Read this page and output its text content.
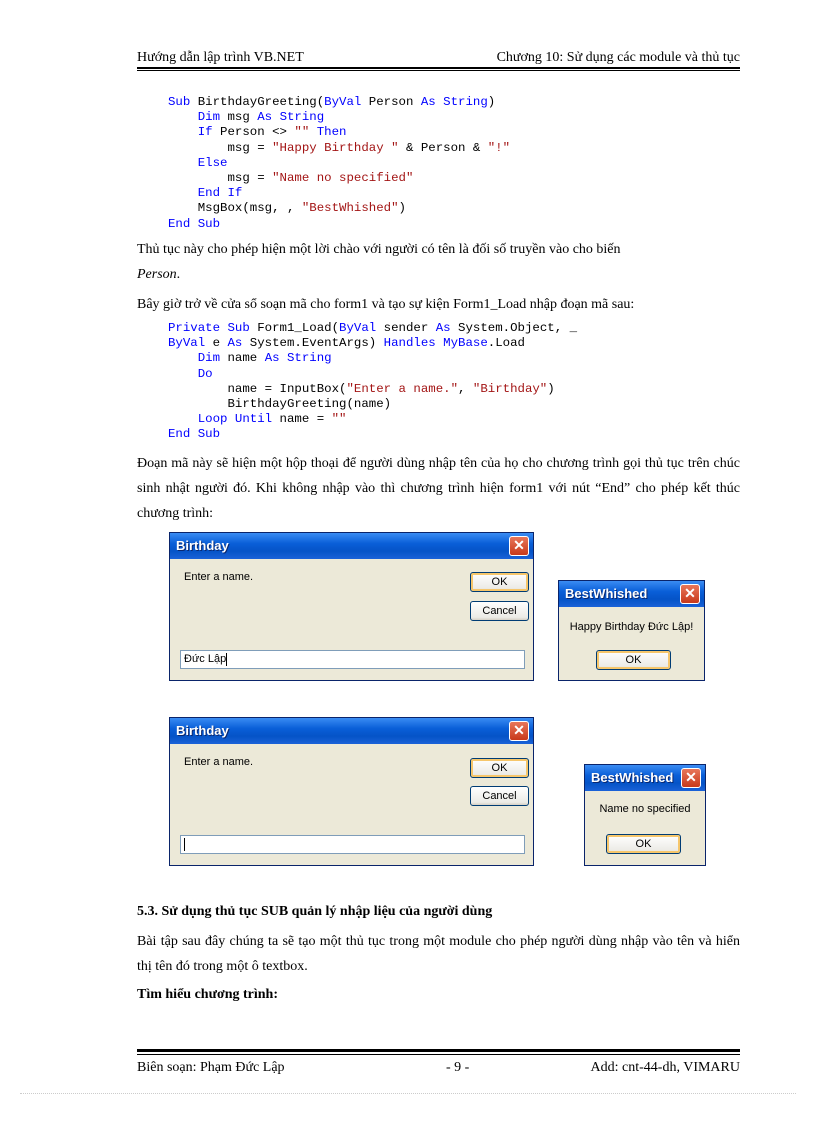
Hướng dẫn lập trình VB.NET	Chương 10: Sử dụng các module và thủ tục
Sub BirthdayGreeting(ByVal Person As String)
Dim msg As String
If Person <> "" Then
msg = "Happy Birthday " & Person & "!"
Else
msg = "Name no specified"
End If
MsgBox(msg, , "BestWhished")
End Sub
Thủ tục này cho phép hiện một lời chào với người có tên là đối số truyền vào cho biến
Person.
Bây giờ trở về cửa sổ soạn mã cho form1 và tạo sự kiện Form1_Load nhập đoạn mã sau:
Private Sub Form1_Load(ByVal sender As System.Object, _
ByVal e As System.EventArgs) Handles MyBase.Load
Dim name As String
Do
name = InputBox("Enter a name.", "Birthday")
BirthdayGreeting(name)
Loop Until name = ""
End Sub
Đoạn mã này sẽ hiện một hộp thoại để người dùng nhập tên của họ cho chương trình gọi thủ tục trên chúc sinh nhật người đó. Khi không nhập vào thì chương trình hiện form1 với nút “End” cho phép kết thúc chương trình:
Birthday	✕
Enter a name.	OK
Cancel
Đức Lập
BestWhished	✕
Happy Birthday Đức Lập!
OK
Birthday	✕
Enter a name.	OK
Cancel
BestWhished ✕
Name no specified
OK
5.3. Sử dụng thủ tục SUB quản lý nhập liệu của người dùng
Bài tập sau đây chúng ta sẽ tạo một thủ tục trong một module cho phép người dùng nhập vào tên và hiển thị tên đó trong một ô textbox.
Tìm hiểu chương trình:
Biên soạn: Phạm Đức Lập	- 9 -	Add: cnt-44-dh, VIMARU
